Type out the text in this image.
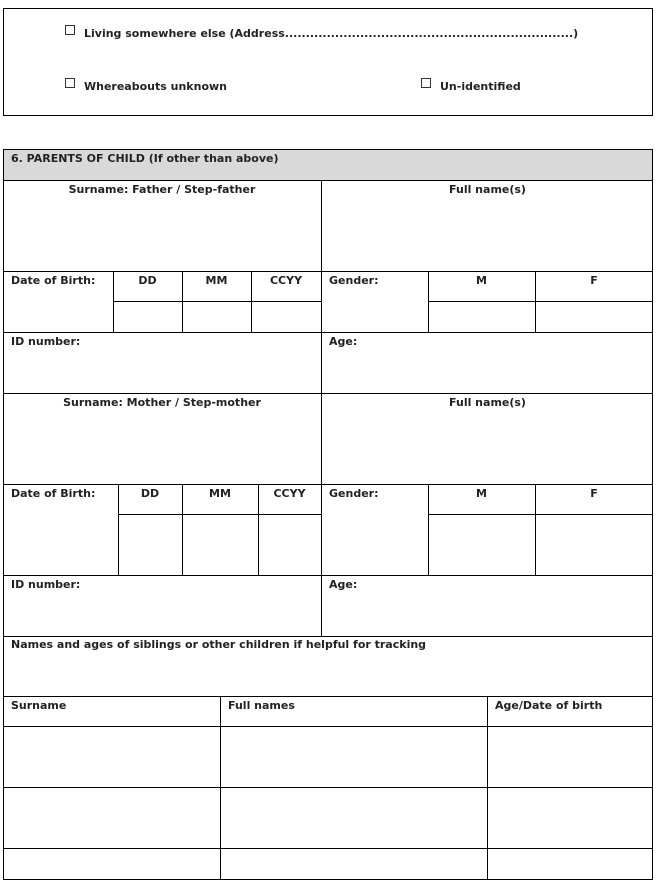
Living somewhere else (Address.....................................................................)
Whereabouts unknown	Un-identified
6. PARENTS OF CHILD (If other than above)
Surname: Father / Step-father	Full name(s)
Date of Birth:	DD	MM	CCYY	Gender:	M	F
ID number:	Age:
Surname: Mother / Step-mother	Full name(s)
Date of Birth:	DD	MM	CCYY	Gender:	M	F
ID number:	Age:
Names and ages of siblings or other children if helpful for tracking
Surname	Full names	Age/Date of birth
